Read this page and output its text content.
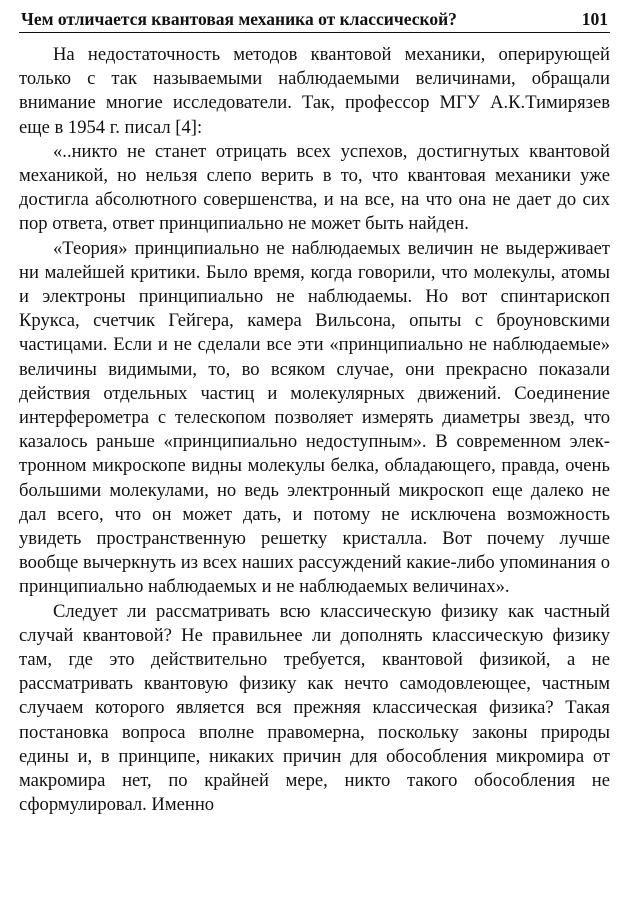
Чем отличается квантовая механика от классической?	101

На недостаточность методов квантовой механики, оперирующей только с так называемыми наблюдаемыми величинами, обращали внимание многие исследователи. Так, профессор МГУ А.К.Тимирязев еще в 1954 г. писал [4]:

«..никто не станет отрицать всех успехов, достигнутых квантовой механикой, но нельзя слепо верить в то, что квантовая механики уже достигла абсолютного совершенства, и на все, на что она не дает до сих пор ответа, ответ принципиально не может быть найден.

«Теория» принципиально не наблюдаемых величин не выдерживает ни малейшей критики. Было время, когда говорили, что молекулы, атомы и электроны принципиально не наблюдаемы. Но вот спинтарископ Крукса, счетчик Гейгера, камера Вильсона, опыты с броуновскими частицами. Если и не сделали все эти «принципиально не наблюдаемые» величины видимыми, то, во всяком случае, они прекрасно показали действия отдельных частиц и молекулярных движений. Соединение интерферометра с телескопом позволяет измерять диаметры звезд, что казалось раньше «принципиально недоступным». В современном электронном микроскопе видны молекулы белка, обладающего, правда, очень большими молекулами, но ведь электронный микроскоп еще далеко не дал всего, что он может дать, и потому не исключена возможность увидеть пространственную решетку кристалла. Вот почему лучше вообще вычеркнуть из всех наших рассуждений какие-либо упоминания о принципиально наблюдаемых и не наблюдаемых величинах».

Следует ли рассматривать всю классическую физику как частный случай квантовой? Не правильнее ли дополнять классическую физику там, где это действительно требуется, квантовой физикой, а не рассматривать квантовую физику как нечто самодовлеющее, частным случаем которого является вся прежняя классическая физика? Такая постановка вопроса вполне правомерна, поскольку законы природы едины и, в принципе, никаких причин для обособления микромира от макромира нет, по крайней мере, никто такого обособления не сформулировал. Именно
